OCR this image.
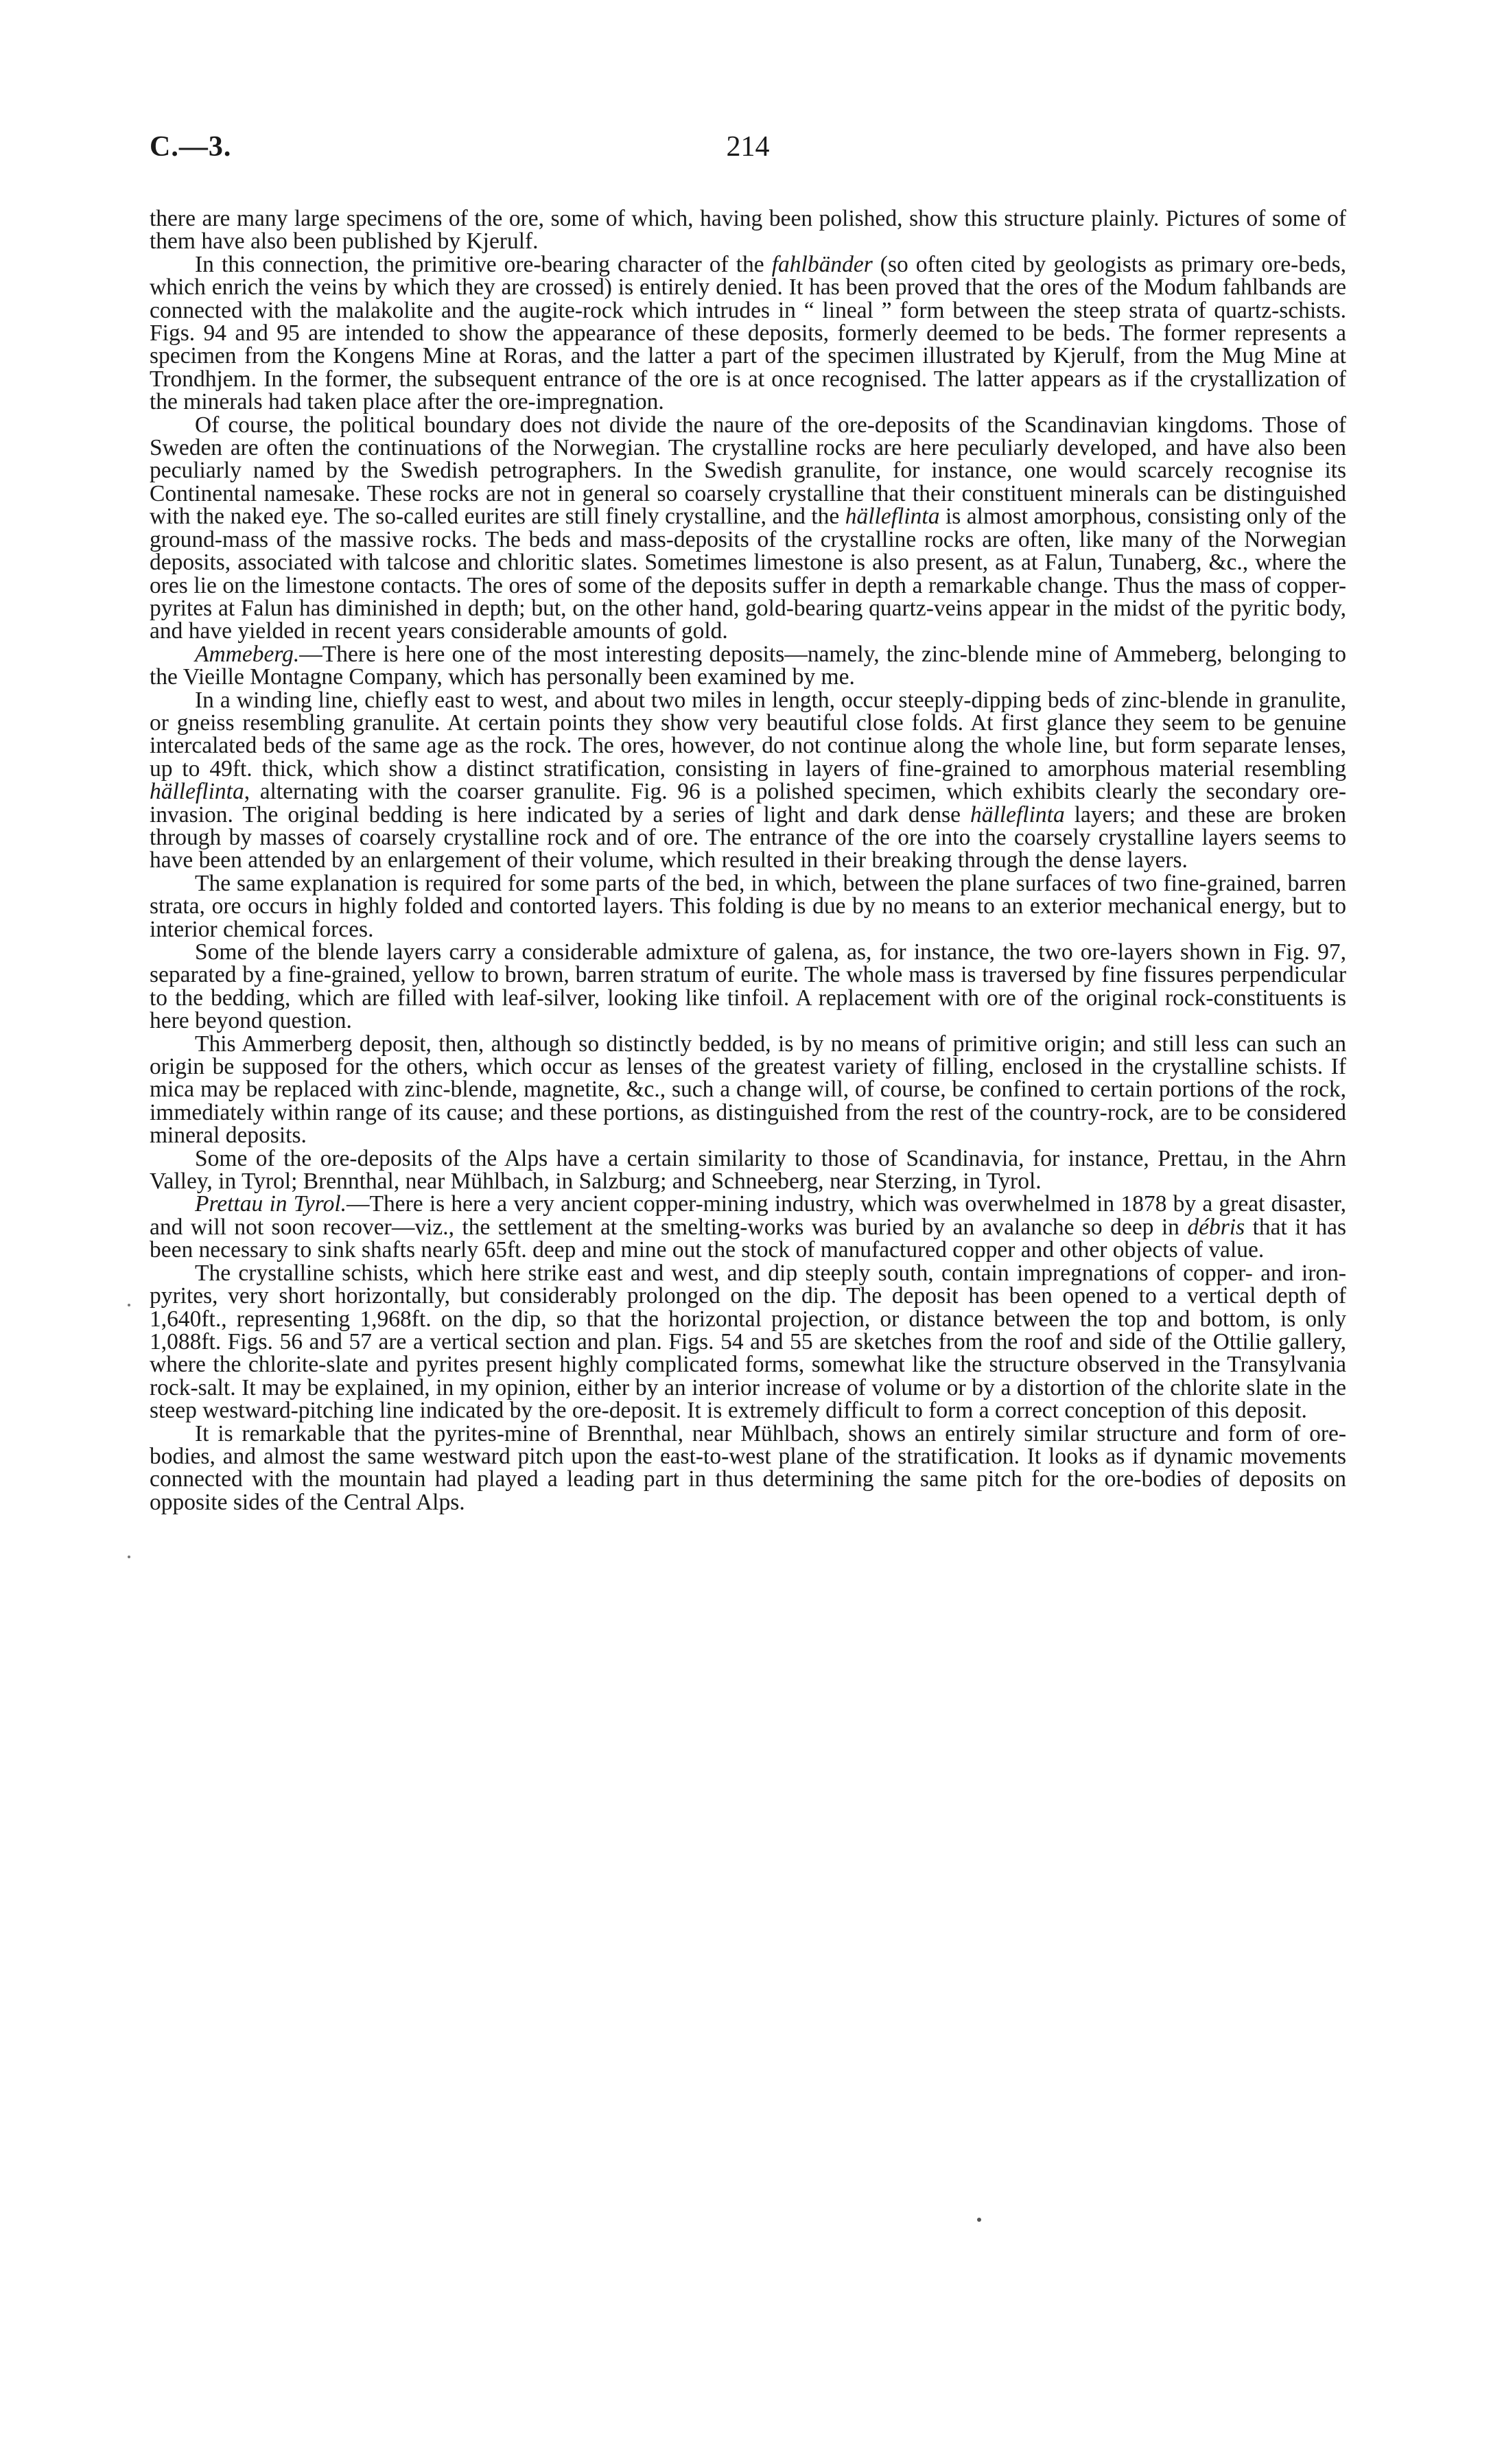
C.—3.	214

there are many large specimens of the ore, some of which, having been polished, show this structure plainly. Pictures of some of them have also been published by Kjerulf.

In this connection, the primitive ore-bearing character of the fahlbänder (so often cited by geologists as primary ore-beds, which enrich the veins by which they are crossed) is entirely denied. It has been proved that the ores of the Modum fahlbands are connected with the malakolite and the augite-rock which intrudes in “ lineal ” form between the steep strata of quartz-schists. Figs. 94 and 95 are intended to show the appearance of these deposits, formerly deemed to be beds. The former represents a specimen from the Kongens Mine at Roras, and the latter a part of the specimen illustrated by Kjerulf, from the Mug Mine at Trondhjem. In the former, the subsequent entrance of the ore is at once recognised. The latter appears as if the crystallization of the minerals had taken place after the ore-impregnation.

Of course, the political boundary does not divide the naure of the ore-deposits of the Scandinavian kingdoms. Those of Sweden are often the continuations of the Norwegian. The crystalline rocks are here peculiarly developed, and have also been peculiarly named by the Swedish petrographers. In the Swedish granulite, for instance, one would scarcely recognise its Continental namesake. These rocks are not in general so coarsely crystalline that their constituent minerals can be distinguished with the naked eye. The so-called eurites are still finely crystalline, and the hälleflinta is almost amorphous, consisting only of the ground-mass of the massive rocks. The beds and mass-deposits of the crystalline rocks are often, like many of the Norwegian deposits, associated with talcose and chloritic slates. Sometimes limestone is also present, as at Falun, Tunaberg, &c., where the ores lie on the limestone contacts. The ores of some of the deposits suffer in depth a remarkable change. Thus the mass of copper-pyrites at Falun has diminished in depth; but, on the other hand, gold-bearing quartz-veins appear in the midst of the pyritic body, and have yielded in recent years considerable amounts of gold.

Ammeberg.—There is here one of the most interesting deposits—namely, the zinc-blende mine of Ammeberg, belonging to the Vieille Montagne Company, which has personally been examined by me.

In a winding line, chiefly east to west, and about two miles in length, occur steeply-dipping beds of zinc-blende in granulite, or gneiss resembling granulite. At certain points they show very beautiful close folds. At first glance they seem to be genuine intercalated beds of the same age as the rock. The ores, however, do not continue along the whole line, but form separate lenses, up to 49ft. thick, which show a distinct stratification, consisting in layers of fine-grained to amorphous material resembling hälleflinta, alternating with the coarser granulite. Fig. 96 is a polished specimen, which exhibits clearly the secondary ore-invasion. The original bedding is here indicated by a series of light and dark dense hälleflinta layers; and these are broken through by masses of coarsely crystalline rock and of ore. The entrance of the ore into the coarsely crystalline layers seems to have been attended by an enlargement of their volume, which resulted in their breaking through the dense layers.

The same explanation is required for some parts of the bed, in which, between the plane surfaces of two fine-grained, barren strata, ore occurs in highly folded and contorted layers. This folding is due by no means to an exterior mechanical energy, but to interior chemical forces.

Some of the blende layers carry a considerable admixture of galena, as, for instance, the two ore-layers shown in Fig. 97, separated by a fine-grained, yellow to brown, barren stratum of eurite. The whole mass is traversed by fine fissures perpendicular to the bedding, which are filled with leaf-silver, looking like tinfoil. A replacement with ore of the original rock-constituents is here beyond question.

This Ammerberg deposit, then, although so distinctly bedded, is by no means of primitive origin; and still less can such an origin be supposed for the others, which occur as lenses of the greatest variety of filling, enclosed in the crystalline schists. If mica may be replaced with zinc-blende, magnetite, &c., such a change will, of course, be confined to certain portions of the rock, immediately within range of its cause; and these portions, as distinguished from the rest of the country-rock, are to be considered mineral deposits.

Some of the ore-deposits of the Alps have a certain similarity to those of Scandinavia, for instance, Prettau, in the Ahrn Valley, in Tyrol; Brennthal, near Mühlbach, in Salzburg; and Schneeberg, near Sterzing, in Tyrol.

Prettau in Tyrol.—There is here a very ancient copper-mining industry, which was overwhelmed in 1878 by a great disaster, and will not soon recover—viz., the settlement at the smelting-works was buried by an avalanche so deep in débris that it has been necessary to sink shafts nearly 65ft. deep and mine out the stock of manufactured copper and other objects of value.

The crystalline schists, which here strike east and west, and dip steeply south, contain impregnations of copper- and iron-pyrites, very short horizontally, but considerably prolonged on the dip. The deposit has been opened to a vertical depth of 1,640ft., representing 1,968ft. on the dip, so that the horizontal projection, or distance between the top and bottom, is only 1,088ft. Figs. 56 and 57 are a vertical section and plan. Figs. 54 and 55 are sketches from the roof and side of the Ottilie gallery, where the chlorite-slate and pyrites present highly complicated forms, somewhat like the structure observed in the Transylvania rock-salt. It may be explained, in my opinion, either by an interior increase of volume or by a distortion of the chlorite slate in the steep westward-pitching line indicated by the ore-deposit. It is extremely difficult to form a correct conception of this deposit.

It is remarkable that the pyrites-mine of Brennthal, near Mühlbach, shows an entirely similar structure and form of ore-bodies, and almost the same westward pitch upon the east-to-west plane of the stratification. It looks as if dynamic movements connected with the mountain had played a leading part in thus determining the same pitch for the ore-bodies of deposits on opposite sides of the Central Alps.
